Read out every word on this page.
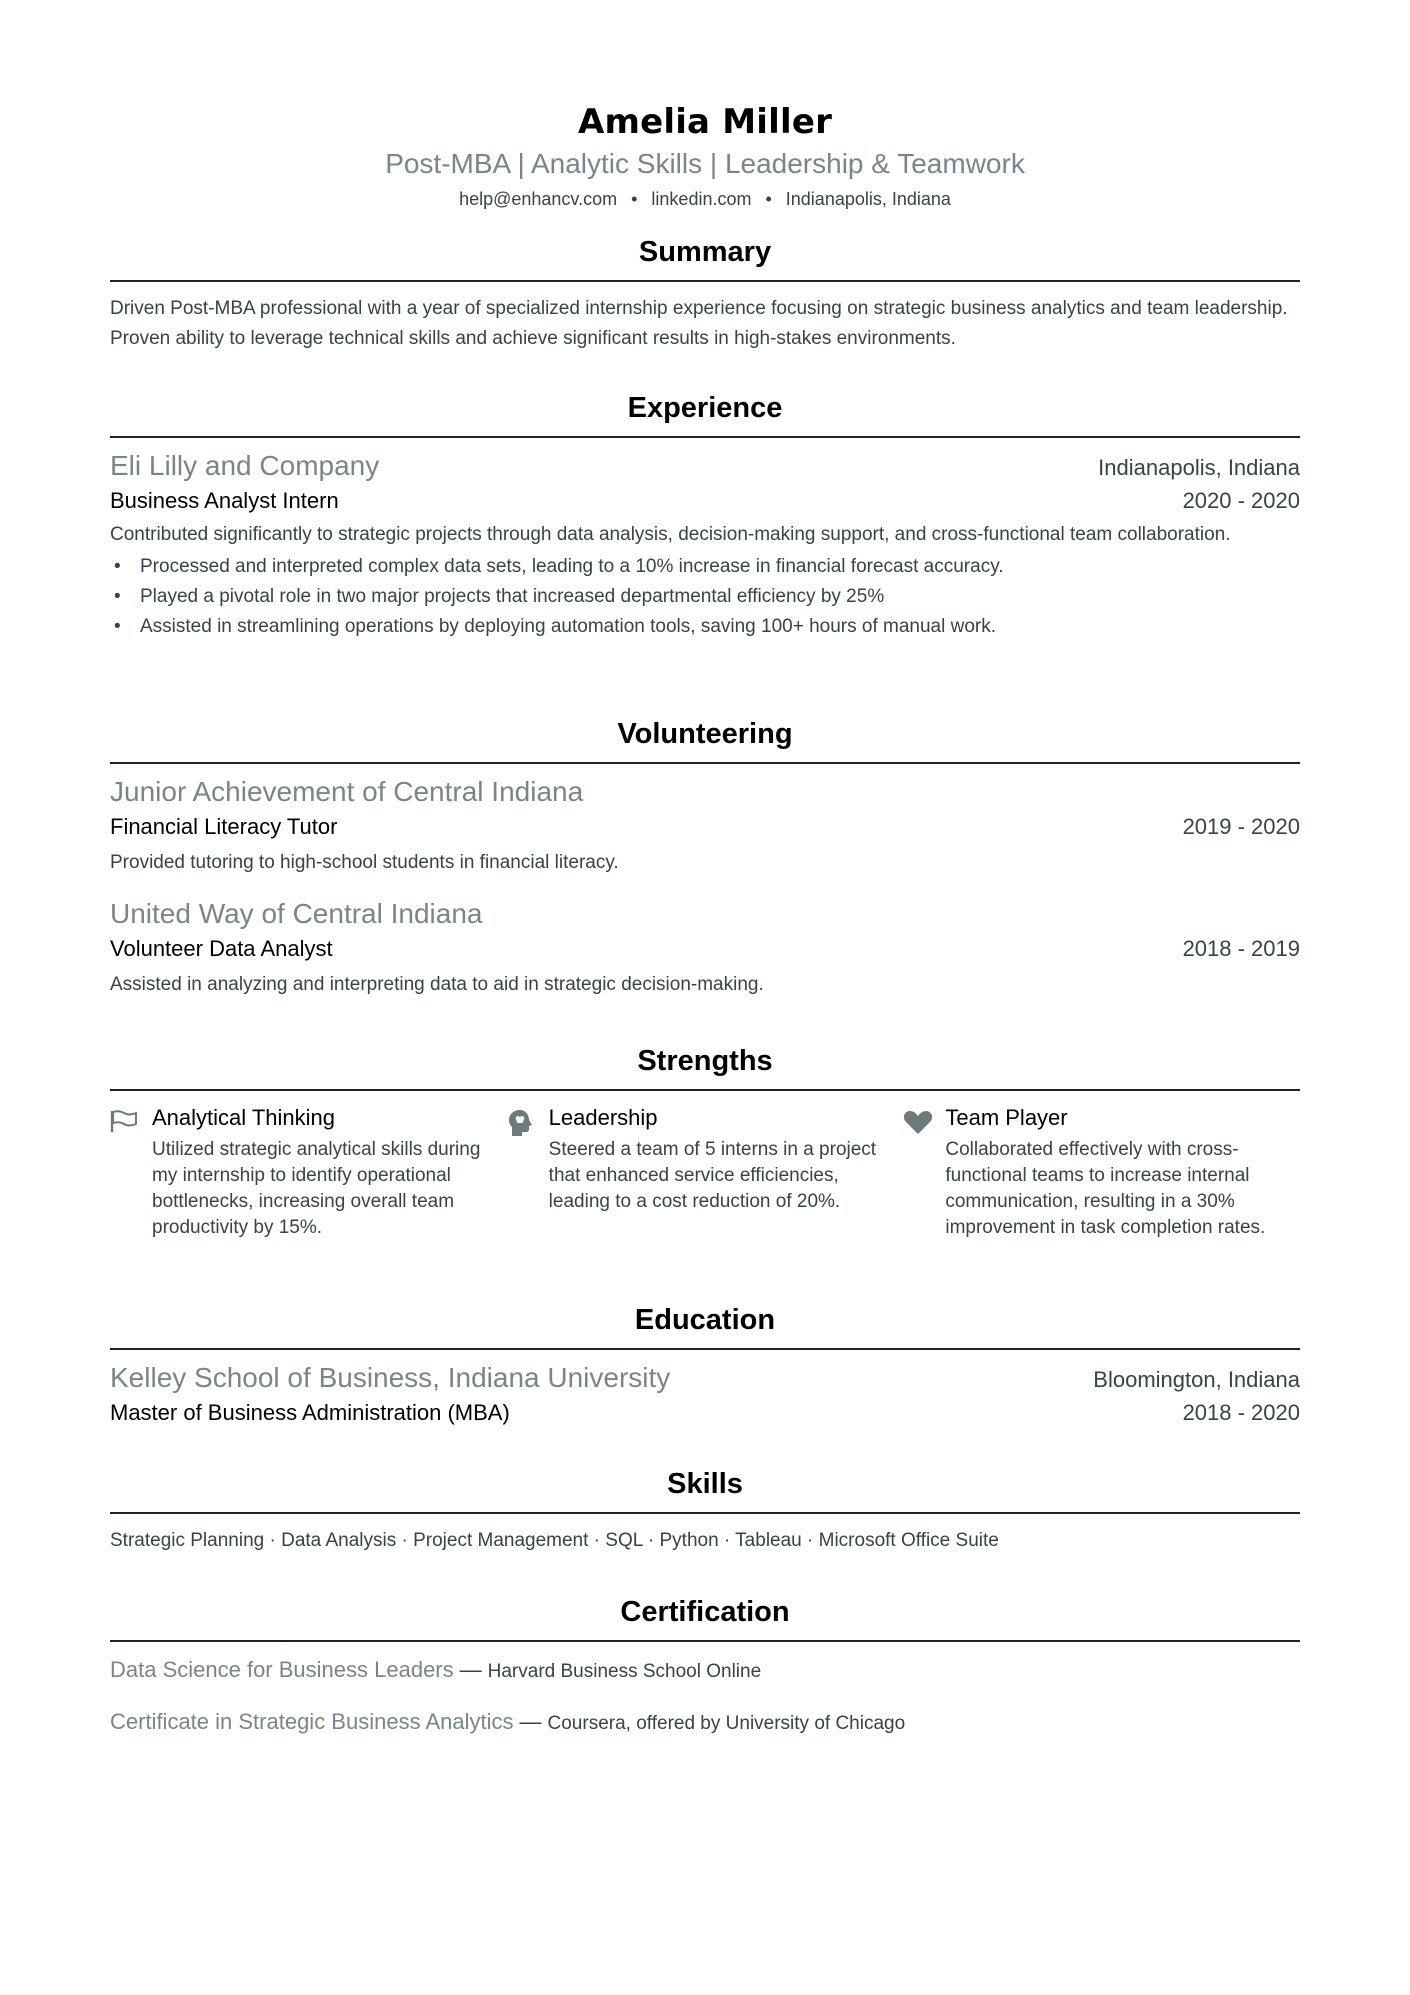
Amelia Miller
Post-MBA | Analytic Skills | Leadership & Teamwork
help@enhancv.com • linkedin.com • Indianapolis, Indiana
Summary
Driven Post-MBA professional with a year of specialized internship experience focusing on strategic business analytics and team leadership. Proven ability to leverage technical skills and achieve significant results in high-stakes environments.
Experience
Eli Lilly and Company	Indianapolis, Indiana
Business Analyst Intern	2020 - 2020
Contributed significantly to strategic projects through data analysis, decision-making support, and cross-functional team collaboration.
• Processed and interpreted complex data sets, leading to a 10% increase in financial forecast accuracy.
• Played a pivotal role in two major projects that increased departmental efficiency by 25%
• Assisted in streamlining operations by deploying automation tools, saving 100+ hours of manual work.
Volunteering
Junior Achievement of Central Indiana
Financial Literacy Tutor	2019 - 2020
Provided tutoring to high-school students in financial literacy.
United Way of Central Indiana
Volunteer Data Analyst	2018 - 2019
Assisted in analyzing and interpreting data to aid in strategic decision-making.
Strengths
Analytical Thinking
Utilized strategic analytical skills during my internship to identify operational bottlenecks, increasing overall team productivity by 15%.
Leadership
Steered a team of 5 interns in a project that enhanced service efficiencies, leading to a cost reduction of 20%.
Team Player
Collaborated effectively with cross-functional teams to increase internal communication, resulting in a 30% improvement in task completion rates.
Education
Kelley School of Business, Indiana University	Bloomington, Indiana
Master of Business Administration (MBA)	2018 - 2020
Skills
Strategic Planning · Data Analysis · Project Management · SQL · Python · Tableau · Microsoft Office Suite
Certification
Data Science for Business Leaders — Harvard Business School Online
Certificate in Strategic Business Analytics — Coursera, offered by University of Chicago
